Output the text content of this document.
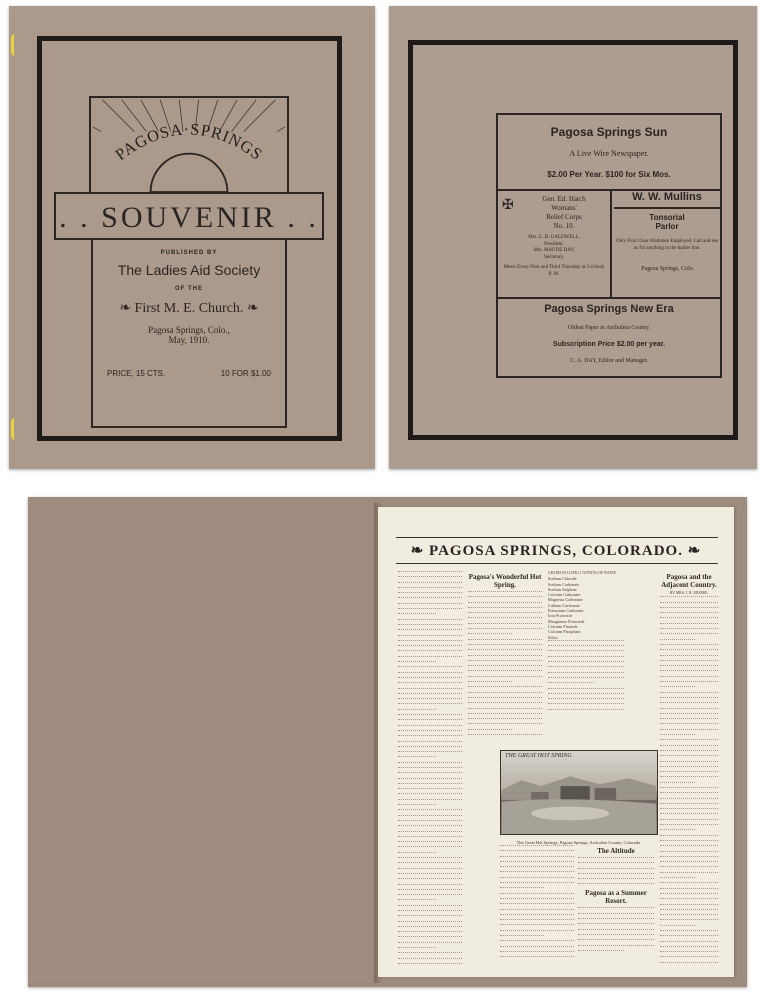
PAGOSA·SPRINGS
. . SOUVENIR . .
PUBLISHED BY
The Ladies Aid Society
OF THE
❧ First M. E. Church. ❧
Pagosa Springs, Colo.,
May, 1910.
PRICE, 15 CTS.	10 FOR $1.00
Pagosa Springs Sun
A Live Wire Newspaper.
$2.00 Per Year. $100 for Six Mos.
✠	Gen. Ed. Hatch
Womans'
Relief Corps
No. 10.
Mrs. C. D. GALDWELL,
President.
Mrs. MAUDE DAY,
Secretary.
Meets Every First and Third Thursday at 3 o'clock P. M.
W. W. Mullins
Tonsorial Parlor
Only First Class Workmen Employed. Call and see us for anything in the barber line.
Pagosa Springs, Colo
Pagosa Springs New Era
Oldest Paper in Archuleta County.
Subscription Price $2.00 per year.
C. A. DAY, Editor and Manager.
❧ PAGOSA SPRINGS, COLORADO. ❧
Pagosa's Wonderful Hot Spring.
GRAINS IN LITER (1.76 PINTS) OF WATER
Sodium Chloride
Sodium Carbonate
Sodium Sulphate
Calcium Carbonate
Magnesia Carbonate
Lithium Carbonate
Potassium Carbonate
Iron Protoxide
Manganese Protoxide
Calcium Fluoride
Calcium Phosphate
Silica
The Altitude
Pagosa as a Summer Resort.
Pagosa and the Adjacent Country.
BY MRS. J. R. MOORE.
THE GREAT HOT SPRING
The Great Hot Springs, Pagosa Springs, Archuleta County, Colorado.
